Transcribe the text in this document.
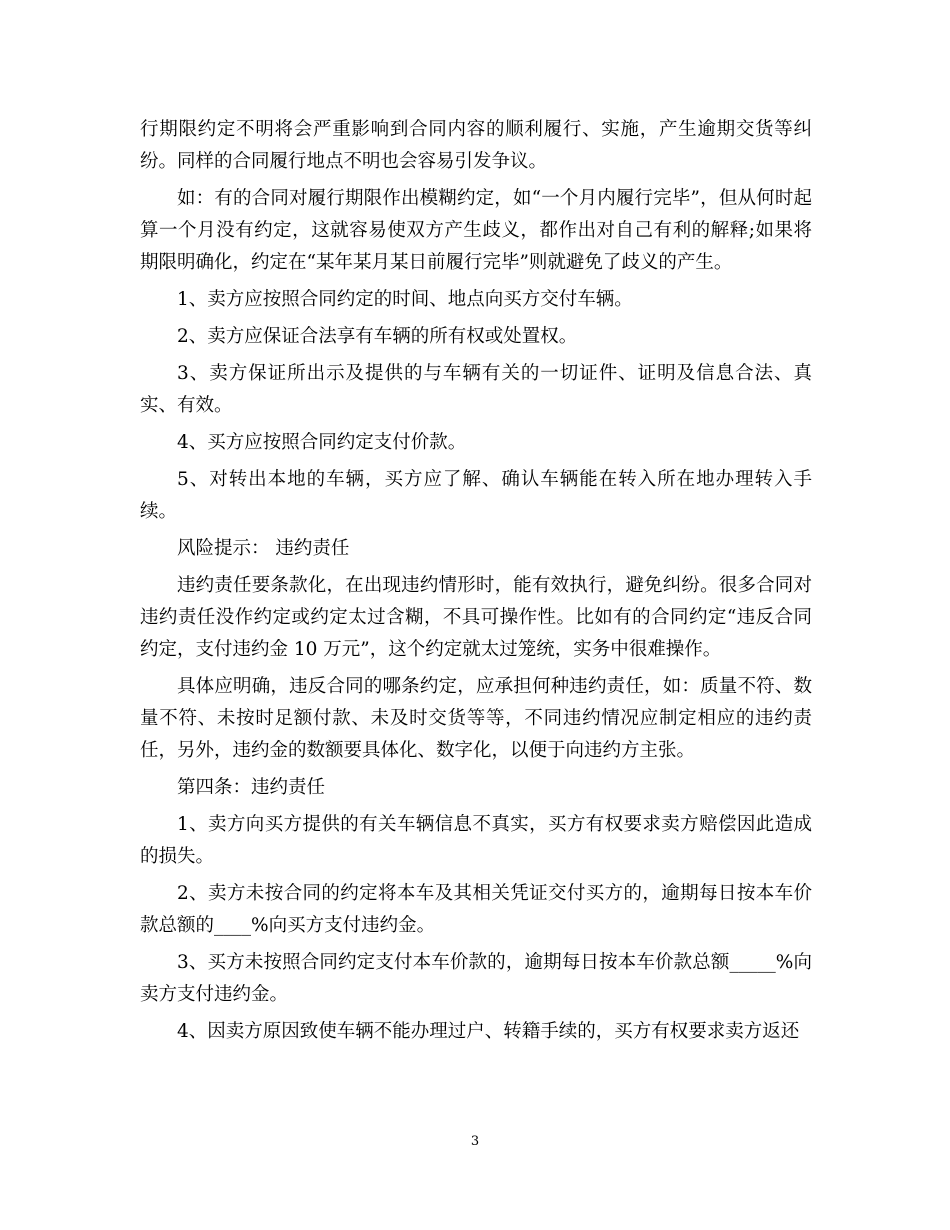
行期限约定不明将会严重影响到合同内容的顺利履行、实施，产生逾期交货等纠纷。同样的合同履行地点不明也会容易引发争议。

如：有的合同对履行期限作出模糊约定，如“一个月内履行完毕”，但从何时起算一个月没有约定，这就容易使双方产生歧义，都作出对自己有利的解释;如果将期限明确化，约定在“某年某月某日前履行完毕”则就避免了歧义的产生。

1、卖方应按照合同约定的时间、地点向买方交付车辆。

2、卖方应保证合法享有车辆的所有权或处置权。

3、卖方保证所出示及提供的与车辆有关的一切证件、证明及信息合法、真实、有效。

4、买方应按照合同约定支付价款。

5、对转出本地的车辆，买方应了解、确认车辆能在转入所在地办理转入手续。

风险提示： 违约责任

违约责任要条款化，在出现违约情形时，能有效执行，避免纠纷。很多合同对违约责任没作约定或约定太过含糊，不具可操作性。比如有的合同约定“违反合同约定，支付违约金 10 万元”，这个约定就太过笼统，实务中很难操作。

具体应明确，违反合同的哪条约定，应承担何种违约责任，如：质量不符、数量不符、未按时足额付款、未及时交货等等，不同违约情况应制定相应的违约责任，另外，违约金的数额要具体化、数字化，以便于向违约方主张。

第四条：违约责任

1、卖方向买方提供的有关车辆信息不真实，买方有权要求卖方赔偿因此造成的损失。

2、卖方未按合同的约定将本车及其相关凭证交付买方的，逾期每日按本车价款总额的____%向买方支付违约金。

3、买方未按照合同约定支付本车价款的，逾期每日按本车价款总额_____%向卖方支付违约金。

4、因卖方原因致使车辆不能办理过户、转籍手续的，买方有权要求卖方返还

3
